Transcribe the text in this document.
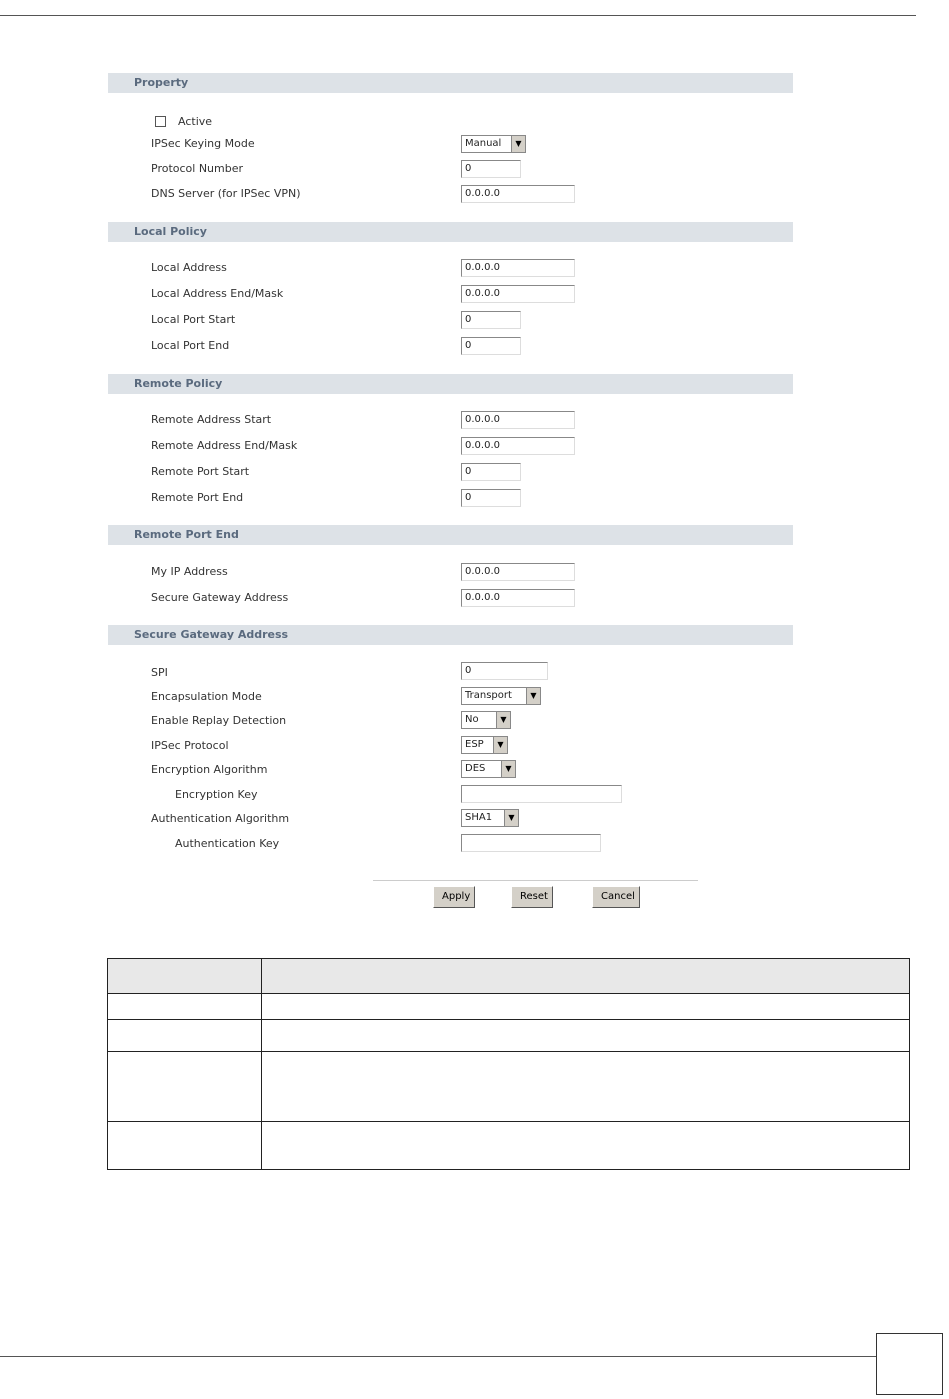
Property
Active
IPSec Keying Mode	Manual	▼
Protocol Number	0
DNS Server (for IPSec VPN)	0.0.0.0
Local Policy
Local Address	0.0.0.0
Local Address End/Mask	0.0.0.0
Local Port Start	0
Local Port End	0
Remote Policy
Remote Address Start	0.0.0.0
Remote Address End/Mask	0.0.0.0
Remote Port Start	0
Remote Port End	0
Remote Port End
My IP Address	0.0.0.0
Secure Gateway Address	0.0.0.0
Secure Gateway Address
SPI	0
Encapsulation Mode	Transport	▼
Enable Replay Detection	No	▼
IPSec Protocol	ESP	▼
Encryption Algorithm	DES	▼
Encryption Key
Authentication Algorithm	SHA1	▼
Authentication Key
Apply	Reset	Cancel
